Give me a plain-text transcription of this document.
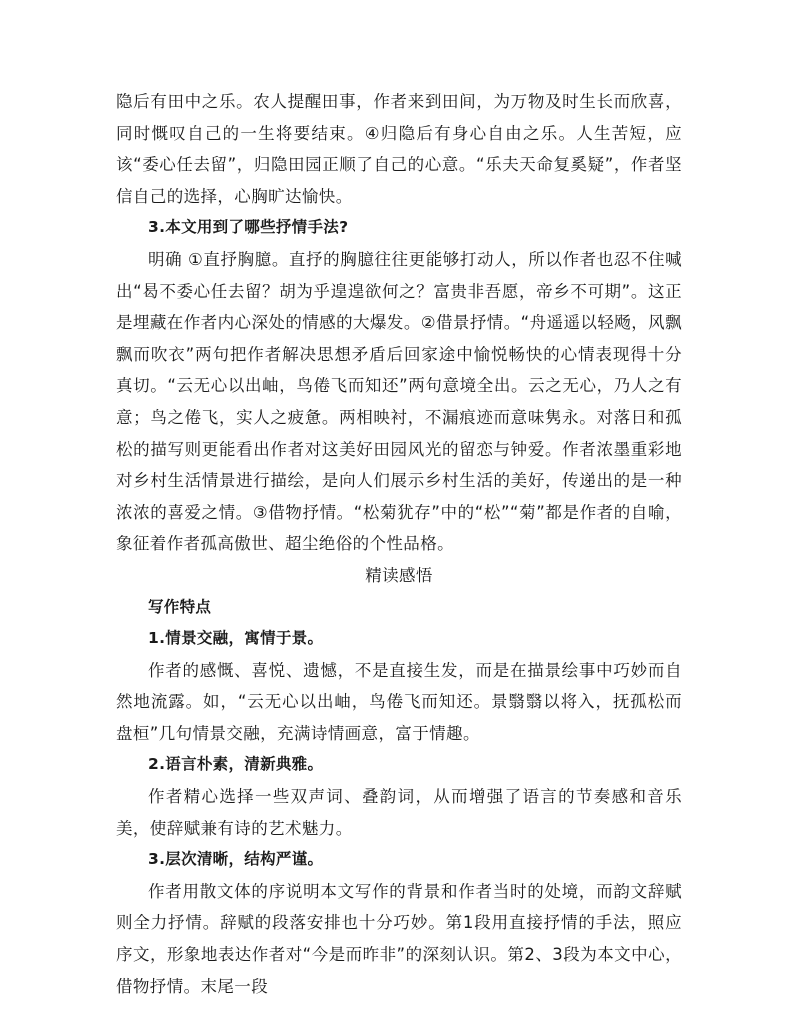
隐后有田中之乐。农人提醒田事，作者来到田间，为万物及时生长而欣喜，同时慨叹自己的一生将要结束。④归隐后有身心自由之乐。人生苦短，应该“委心任去留”，归隐田园正顺了自己的心意。“乐夫天命复奚疑”，作者坚信自己的选择，心胸旷达愉快。

3.本文用到了哪些抒情手法?

明确 ①直抒胸臆。直抒的胸臆往往更能够打动人，所以作者也忍不住喊出“曷不委心任去留？胡为乎遑遑欲何之？富贵非吾愿，帝乡不可期”。这正是埋藏在作者内心深处的情感的大爆发。②借景抒情。“舟遥遥以轻飏，风飘飘而吹衣”两句把作者解决思想矛盾后回家途中愉悦畅快的心情表现得十分真切。“云无心以出岫，鸟倦飞而知还”两句意境全出。云之无心，乃人之有意；鸟之倦飞，实人之疲惫。两相映衬，不漏痕迹而意味隽永。对落日和孤松的描写则更能看出作者对这美好田园风光的留恋与钟爱。作者浓墨重彩地对乡村生活情景进行描绘，是向人们展示乡村生活的美好，传递出的是一种浓浓的喜爱之情。③借物抒情。“松菊犹存”中的“松”“菊”都是作者的自喻，象征着作者孤高傲世、超尘绝俗的个性品格。

精读感悟

写作特点

1.情景交融，寓情于景。

作者的感慨、喜悦、遗憾，不是直接生发，而是在描景绘事中巧妙而自然地流露。如，“云无心以出岫，鸟倦飞而知还。景翳翳以将入，抚孤松而盘桓”几句情景交融，充满诗情画意，富于情趣。

2.语言朴素，清新典雅。

作者精心选择一些双声词、叠韵词，从而增强了语言的节奏感和音乐美，使辞赋兼有诗的艺术魅力。

3.层次清晰，结构严谨。

作者用散文体的序说明本文写作的背景和作者当时的处境，而韵文辞赋则全力抒情。辞赋的段落安排也十分巧妙。第1段用直接抒情的手法，照应序文，形象地表达作者对“今是而昨非”的深刻认识。第2、3段为本文中心，借物抒情。末尾一段
